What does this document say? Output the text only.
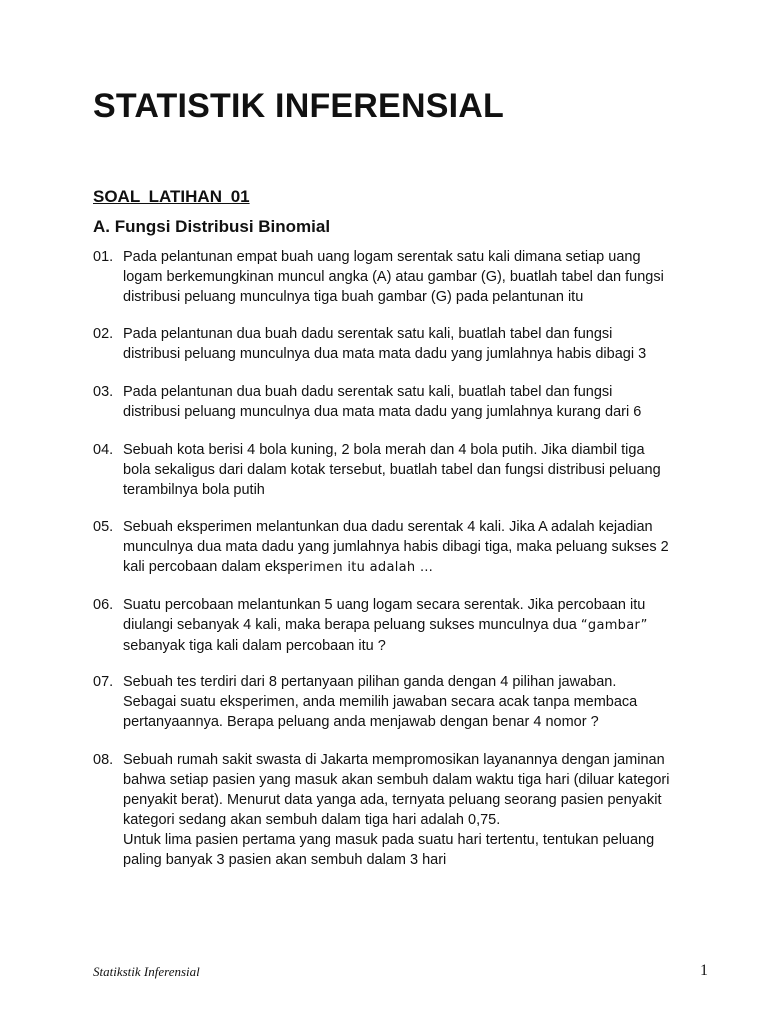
STATISTIK INFERENSIAL
SOAL LATIHAN 01
A. Fungsi Distribusi Binomial
01. Pada pelantunan empat buah uang logam serentak satu kali dimana setiap uang
logam berkemungkinan muncul angka (A) atau gambar (G), buatlah tabel dan fungsi
distribusi peluang munculnya tiga buah gambar (G) pada pelantunan itu
02. Pada pelantunan dua buah dadu serentak satu kali, buatlah tabel dan fungsi
distribusi peluang munculnya dua mata mata dadu yang jumlahnya habis dibagi 3
03. Pada pelantunan dua buah dadu serentak satu kali, buatlah tabel dan fungsi
distribusi peluang munculnya dua mata mata dadu yang jumlahnya kurang dari 6
04. Sebuah kota berisi 4 bola kuning, 2 bola merah dan 4 bola putih. Jika diambil tiga
bola sekaligus dari dalam kotak tersebut, buatlah tabel dan fungsi distribusi peluang
terambilnya bola putih
05. Sebuah eksperimen melantunkan dua dadu serentak 4 kali. Jika A adalah kejadian
munculnya dua mata dadu yang jumlahnya habis dibagi tiga, maka peluang sukses 2
kali percobaan dalam eksperimen itu adalah …
06. Suatu percobaan melantunkan 5 uang logam secara serentak. Jika percobaan itu
diulangi sebanyak 4 kali, maka berapa peluang sukses munculnya dua “gambar”
sebanyak tiga kali dalam percobaan itu ?
07. Sebuah tes terdiri dari 8 pertanyaan pilihan ganda dengan 4 pilihan jawaban.
Sebagai suatu eksperimen, anda memilih jawaban secara acak tanpa membaca
pertanyaannya. Berapa peluang anda menjawab dengan benar 4 nomor ?
08. Sebuah rumah sakit swasta di Jakarta mempromosikan layanannya dengan jaminan
bahwa setiap pasien yang masuk akan sembuh dalam waktu tiga hari (diluar kategori
penyakit berat). Menurut data yanga ada, ternyata peluang seorang pasien penyakit
kategori sedang akan sembuh dalam tiga hari adalah 0,75.
Untuk lima pasien pertama yang masuk pada suatu hari tertentu, tentukan peluang
paling banyak 3 pasien akan sembuh dalam 3 hari
Statikstik Inferensial	1
